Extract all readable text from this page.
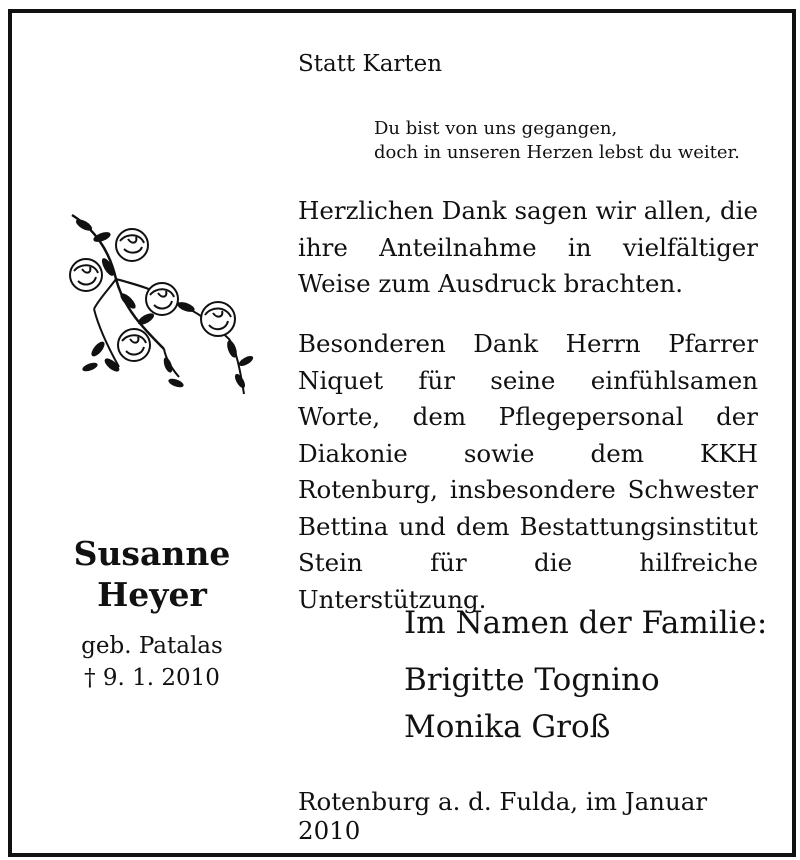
Susanne
Heyer
geb. Patalas
† 9. 1. 2010
Statt Karten
Du bist von uns gegangen,
doch in unseren Herzen lebst du weiter.
Herzlichen Dank sagen wir allen, die ihre Anteilnahme in vielfältiger Weise zum Ausdruck brachten.
Besonderen Dank Herrn Pfarrer Niquet für seine einfühlsamen Worte, dem Pflegepersonal der Diakonie sowie dem KKH Rotenburg, insbesondere Schwester Bettina und dem Bestattungsinstitut Stein für die hilfreiche Unterstützung.
Im Namen der Familie:
Brigitte Tognino
Monika Groß
Rotenburg a. d. Fulda, im Januar 2010
